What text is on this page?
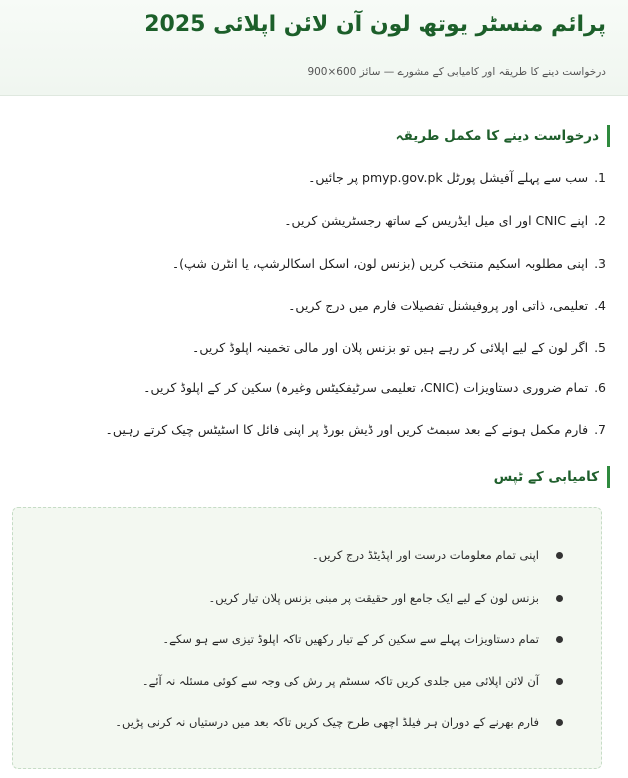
پرائم منسٹر یوتھ لون آن لائن اپلائی 2025
درخواست دینے کا طریقہ اور کامیابی کے مشورے — سائز 600×900
درخواست دینے کا مکمل طریقہ
1.سب سے پہلے آفیشل پورٹل pmyp.gov.pk پر جائیں۔
2.اپنے CNIC اور ای میل ایڈریس کے ساتھ رجسٹریشن کریں۔
3.اپنی مطلوبہ اسکیم منتخب کریں (بزنس لون، اسکل اسکالرشپ، یا انٹرن شپ)۔
4.تعلیمی، ذاتی اور پروفیشنل تفصیلات فارم میں درج کریں۔
5.اگر لون کے لیے اپلائی کر رہے ہیں تو بزنس پلان اور مالی تخمینہ اپلوڈ کریں۔
6.تمام ضروری دستاویزات (CNIC، تعلیمی سرٹیفکیٹس وغیرہ) سکین کر کے اپلوڈ کریں۔
7.فارم مکمل ہونے کے بعد سبمٹ کریں اور ڈیش بورڈ پر اپنی فائل کا اسٹیٹس چیک کرتے رہیں۔
کامیابی کے ٹپس
اپنی تمام معلومات درست اور اپڈیٹڈ درج کریں۔
بزنس لون کے لیے ایک جامع اور حقیقت پر مبنی بزنس پلان تیار کریں۔
تمام دستاویزات پہلے سے سکین کر کے تیار رکھیں تاکہ اپلوڈ تیزی سے ہو سکے۔
آن لائن اپلائی میں جلدی کریں تاکہ سسٹم پر رش کی وجہ سے کوئی مسئلہ نہ آئے۔
فارم بھرنے کے دوران ہر فیلڈ اچھی طرح چیک کریں تاکہ بعد میں درستیاں نہ کرنی پڑیں۔
